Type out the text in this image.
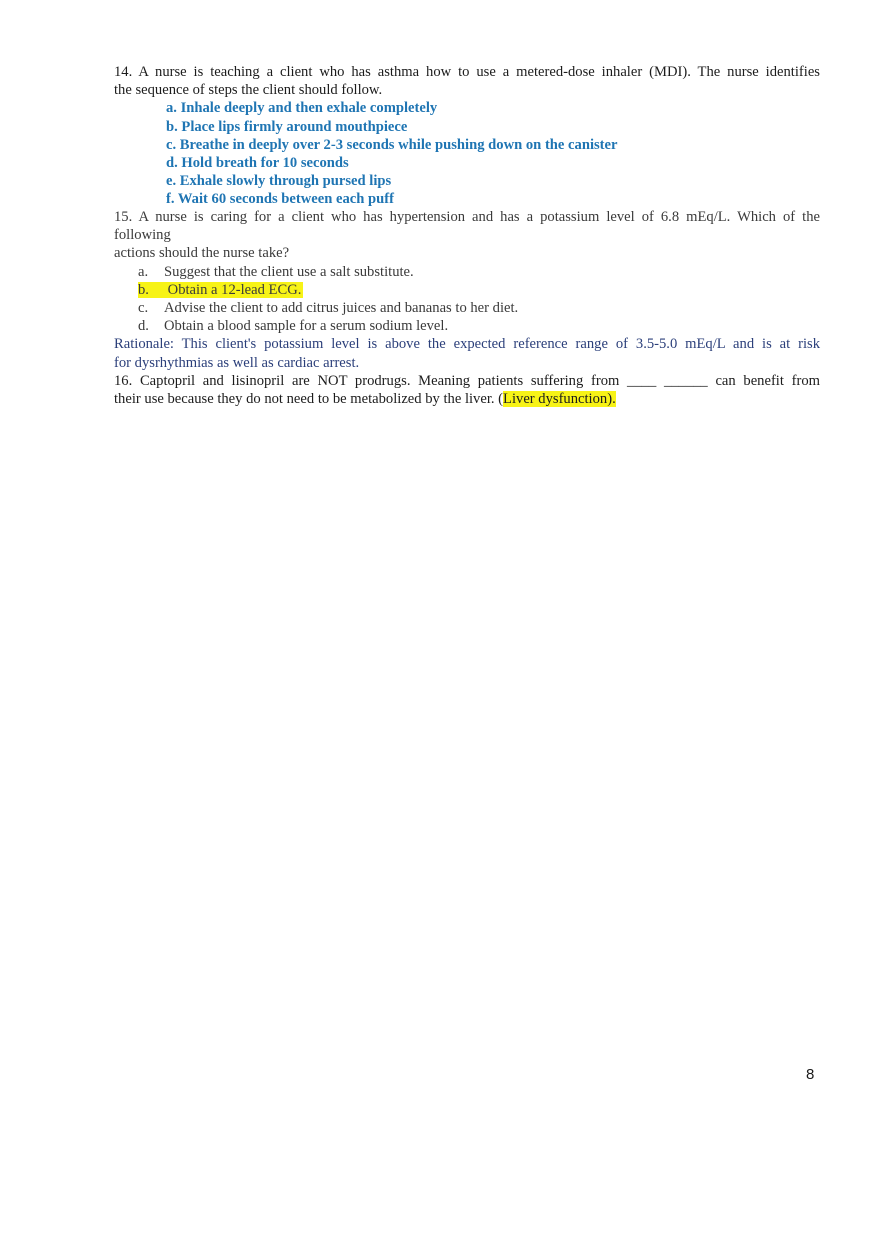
14. A nurse is teaching a client who has asthma how to use a metered-dose inhaler (MDI). The nurse identifies
the sequence of steps the client should follow.
a. Inhale deeply and then exhale completely
b. Place lips firmly around mouthpiece
c. Breathe in deeply over 2-3 seconds while pushing down on the canister
d. Hold breath for 10 seconds
e. Exhale slowly through pursed lips
f. Wait 60 seconds between each puff
15. A nurse is caring for a client who has hypertension and has a potassium level of 6.8 mEq/L. Which of the
following
actions should the nurse take?
a. Suggest that the client use a salt substitute.
b. Obtain a 12-lead ECG.
c. Advise the client to add citrus juices and bananas to her diet.
d. Obtain a blood sample for a serum sodium level.
Rationale: This client's potassium level is above the expected reference range of 3.5-5.0 mEq/L and is at risk
for dysrhythmias as well as cardiac arrest.
16. Captopril and lisinopril are NOT prodrugs. Meaning patients suffering from ____ ______ can benefit from
their use because they do not need to be metabolized by the liver. (Liver dysfunction).
8
